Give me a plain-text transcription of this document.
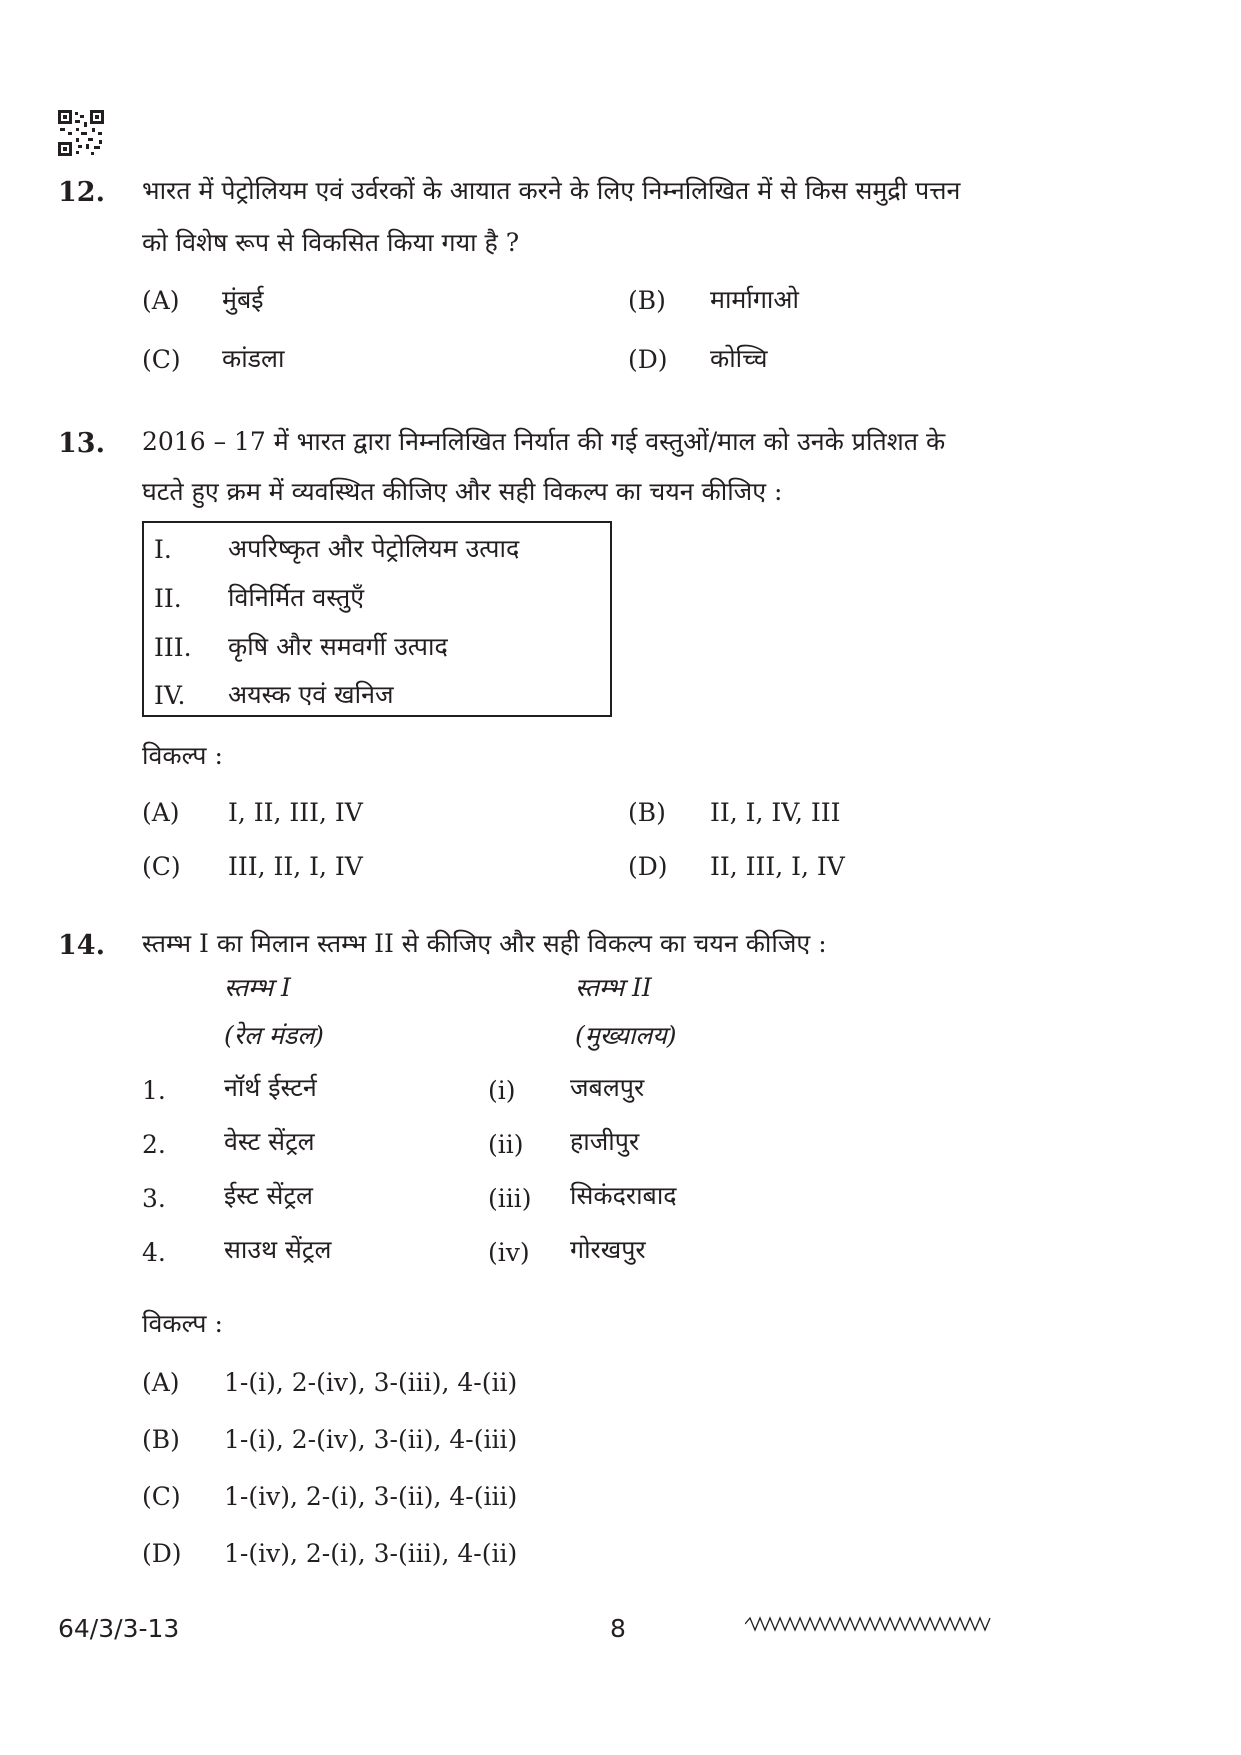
12. भारत में पेट्रोलियम एवं उर्वरकों के आयात करने के लिए निम्नलिखित में से किस समुद्री पत्तन
को विशेष रूप से विकसित किया गया है ?
(A) मुंबई	(B) मार्मागाओ
(C) कांडला	(D) कोच्चि
13. 2016 – 17 में भारत द्वारा निम्नलिखित निर्यात की गई वस्तुओं/माल को उनके प्रतिशत के
घटते हुए क्रम में व्यवस्थित कीजिए और सही विकल्प का चयन कीजिए :
I. अपरिष्कृत और पेट्रोलियम उत्पाद
II. विनिर्मित वस्तुएँ
III. कृषि और समवर्गी उत्पाद
IV. अयस्क एवं खनिज
विकल्प :
(A) I, II, III, IV	(B) II, I, IV, III
(C) III, II, I, IV	(D) II, III, I, IV
14. स्तम्भ I का मिलान स्तम्भ II से कीजिए और सही विकल्प का चयन कीजिए :
स्तम्भ I
(रेल मंडल)
स्तम्भ II
(मुख्यालय)
1. नॉर्थ ईस्टर्न	(i) जबलपुर
2. वेस्ट सेंट्रल	(ii) हाजीपुर
3. ईस्ट सेंट्रल	(iii) सिकंदराबाद
4. साउथ सेंट्रल	(iv) गोरखपुर
विकल्प :
(A) 1-(i), 2-(iv), 3-(iii), 4-(ii)
(B) 1-(i), 2-(iv), 3-(ii), 4-(iii)
(C) 1-(iv), 2-(i), 3-(ii), 4-(iii)
(D) 1-(iv), 2-(i), 3-(iii), 4-(ii)
64/3/3-13	8
